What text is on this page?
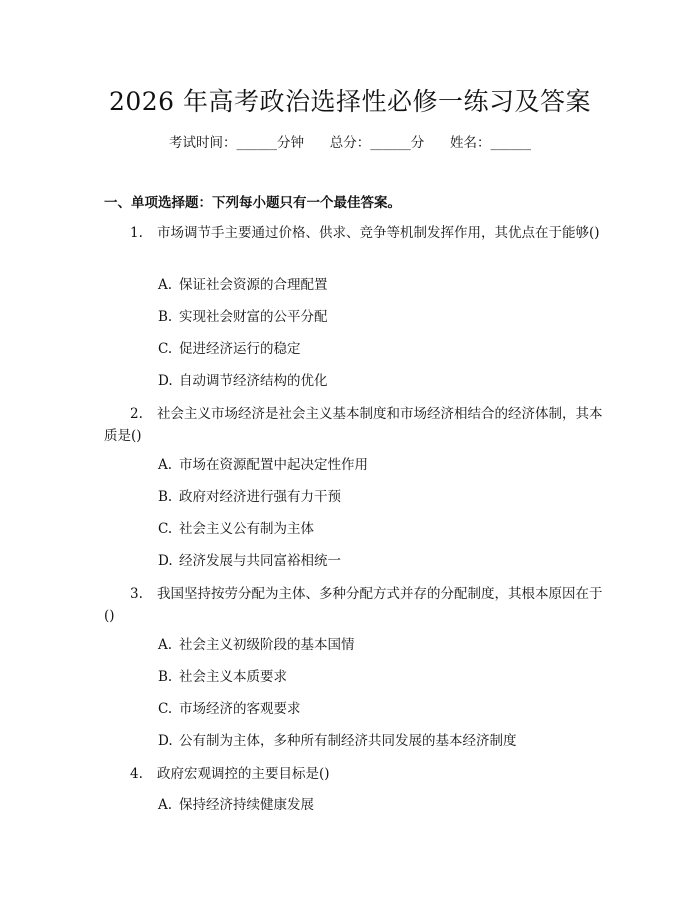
2026 年高考政治选择性必修一练习及答案
考试时间：______分钟      总分：______分      姓名：______
一、单项选择题：下列每小题只有一个最佳答案。
1. 市场调节手主要通过价格、供求、竞争等机制发挥作用，其优点在于能够()
A. 保证社会资源的合理配置
B. 实现社会财富的公平分配
C. 促进经济运行的稳定
D. 自动调节经济结构的优化
2. 社会主义市场经济是社会主义基本制度和市场经济相结合的经济体制，其本质是()
A. 市场在资源配置中起决定性作用
B. 政府对经济进行强有力干预
C. 社会主义公有制为主体
D. 经济发展与共同富裕相统一
3. 我国坚持按劳分配为主体、多种分配方式并存的分配制度，其根本原因在于()
A. 社会主义初级阶段的基本国情
B. 社会主义本质要求
C. 市场经济的客观要求
D. 公有制为主体，多种所有制经济共同发展的基本经济制度
4. 政府宏观调控的主要目标是()
A. 保持经济持续健康发展
